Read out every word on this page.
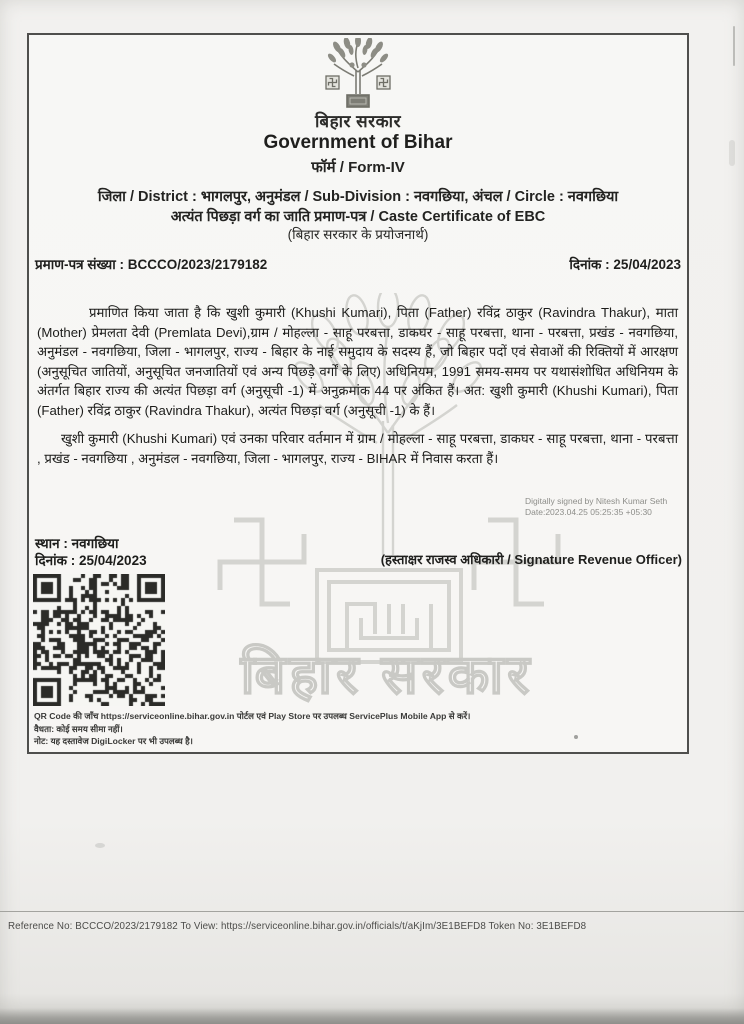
बिहार सरकार
बिहार सरकार
Government of Bihar
फॉर्म / Form-IV
जिला / District : भागलपुर, अनुमंडल / Sub-Division : नवगछिया, अंचल / Circle : नवगछिया
अत्यंत पिछड़ा वर्ग का जाति प्रमाण-पत्र / Caste Certificate of EBC
(बिहार सरकार के प्रयोजनार्थ)
प्रमाण-पत्र संख्या : BCCCO/2023/2179182	दिनांक : 25/04/2023
प्रमाणित किया जाता है कि खुशी कुमारी (Khushi Kumari), पिता (Father) रविंद्र ठाकुर (Ravindra Thakur), माता (Mother) प्रेमलता देवी (Premlata Devi),ग्राम / मोहल्ला - साहू परबत्ता, डाकघर - साहू परबत्ता, थाना - परबत्ता, प्रखंड - नवगछिया, अनुमंडल - नवगछिया, जिला - भागलपुर, राज्य - बिहार के नाई समुदाय के सदस्य हैं, जो बिहार पदों एवं सेवाओं की रिक्तियों में आरक्षण (अनुसूचित जातियों, अनुसूचित जनजातियों एवं अन्य पिछड़े वर्गों के लिए) अधिनियम, 1991 समय-समय पर यथासंशोधित अधिनियम के अंतर्गत बिहार राज्य की अत्यंत पिछड़ा वर्ग (अनुसूची -1) में अनुक्रमांक 44 पर अंकित हैं। अत: खुशी कुमारी (Khushi Kumari), पिता (Father) रविंद्र ठाकुर (Ravindra Thakur), अत्यंत पिछड़ा वर्ग (अनुसूची -1) के हैं।
खुशी कुमारी (Khushi Kumari) एवं उनका परिवार वर्तमान में ग्राम / मोहल्ला - साहू परबत्ता, डाकघर - साहू परबत्ता, थाना - परबत्ता , प्रखंड - नवगछिया , अनुमंडल - नवगछिया, जिला - भागलपुर, राज्य - BIHAR में निवास करता हैं।
Digitally signed by Nitesh Kumar Seth
Date:2023.04.25 05:25:35 +05:30
स्थान : नवगछिया
दिनांक : 25/04/2023	(हस्ताक्षर राजस्व अधिकारी / Signature Revenue Officer)
QR Code की जाँच https://serviceonline.bihar.gov.in पोर्टल एवं Play Store पर उपलब्ध ServicePlus Mobile App से करें।
वैधता: कोई समय सीमा नहीं।
नोट: यह दस्तावेज DigiLocker पर भी उपलब्ध है।
Reference No: BCCCO/2023/2179182 To View: https://serviceonline.bihar.gov.in/officials/t/aKjIm/3E1BEFD8 Token No: 3E1BEFD8
